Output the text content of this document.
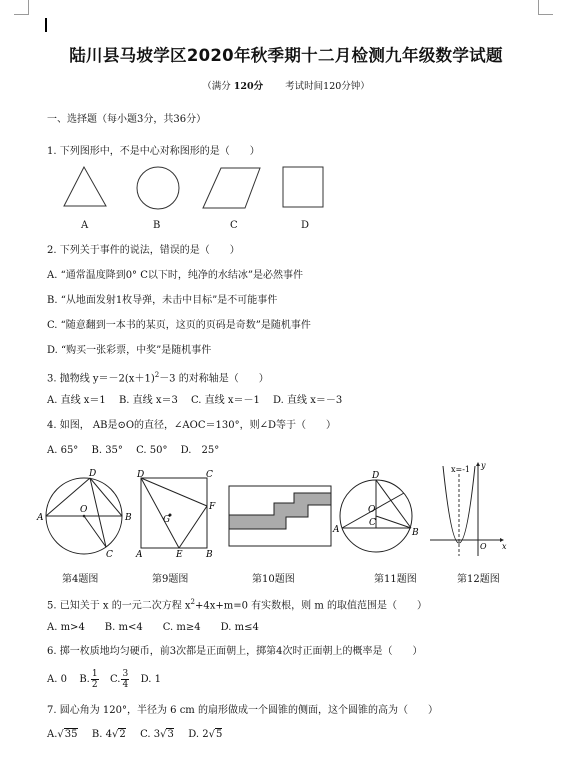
陆川县马坡学区2020年秋季期十二月检测九年级数学试题
（满分 120分 考试时间120分钟）
一、选择题（每小题3分，共36分）
1. 下列图形中，不是中心对称图形的是（　　）
A	B	C	D
2. 下列关于事件的说法，错误的是（　　）
A. “通常温度降到0° C以下时，纯净的水结冰”是必然事件
B. “从地面发射1枚导弹，未击中目标”是不可能事件
C. “随意翻到一本书的某页，这页的页码是奇数”是随机事件
D. “购买一张彩票，中奖”是随机事件
3. 抛物线 $y=-2(x+1)^2-3$ 的对称轴是（　　）
A. 直线 x＝1　 B. 直线 x＝3　 C. 直线 x＝－1　 D. 直线 x＝－3
4. 如图， AB是⊙O的直径，∠AOC＝130°，则∠D等于（　　）
A. 65°　 B. 35°　 C. 50°　 D.　25°
A	B
C
D
O
D	C
A	B
E
F
G
D
O
C
A	B
x=-1
x
y
O
第4题图	第9题图	第10题图	第11题图	第12题图
5. 已知关于 x 的一元二次方程 $x^2+4x+m=0$ 有实数根，则 m 的取值范围是（　　）
A. m>4　　B. m<4　　C. m≥4　　D. m≤4
6. 掷一枚质地均匀硬币，前3次都是正面朝上，掷第4次时正面朝上的概率是（　　）
A. 0 B. $\frac{1}{2} C$. $\frac{3}{4} D$. 1
7. 圆心角为 120°，半径为 6 cm 的扇形做成一个圆锥的侧面，这个圆锥的高为（　　）
A.√35 B. 4√2 C. 3√3 D. 2√5
